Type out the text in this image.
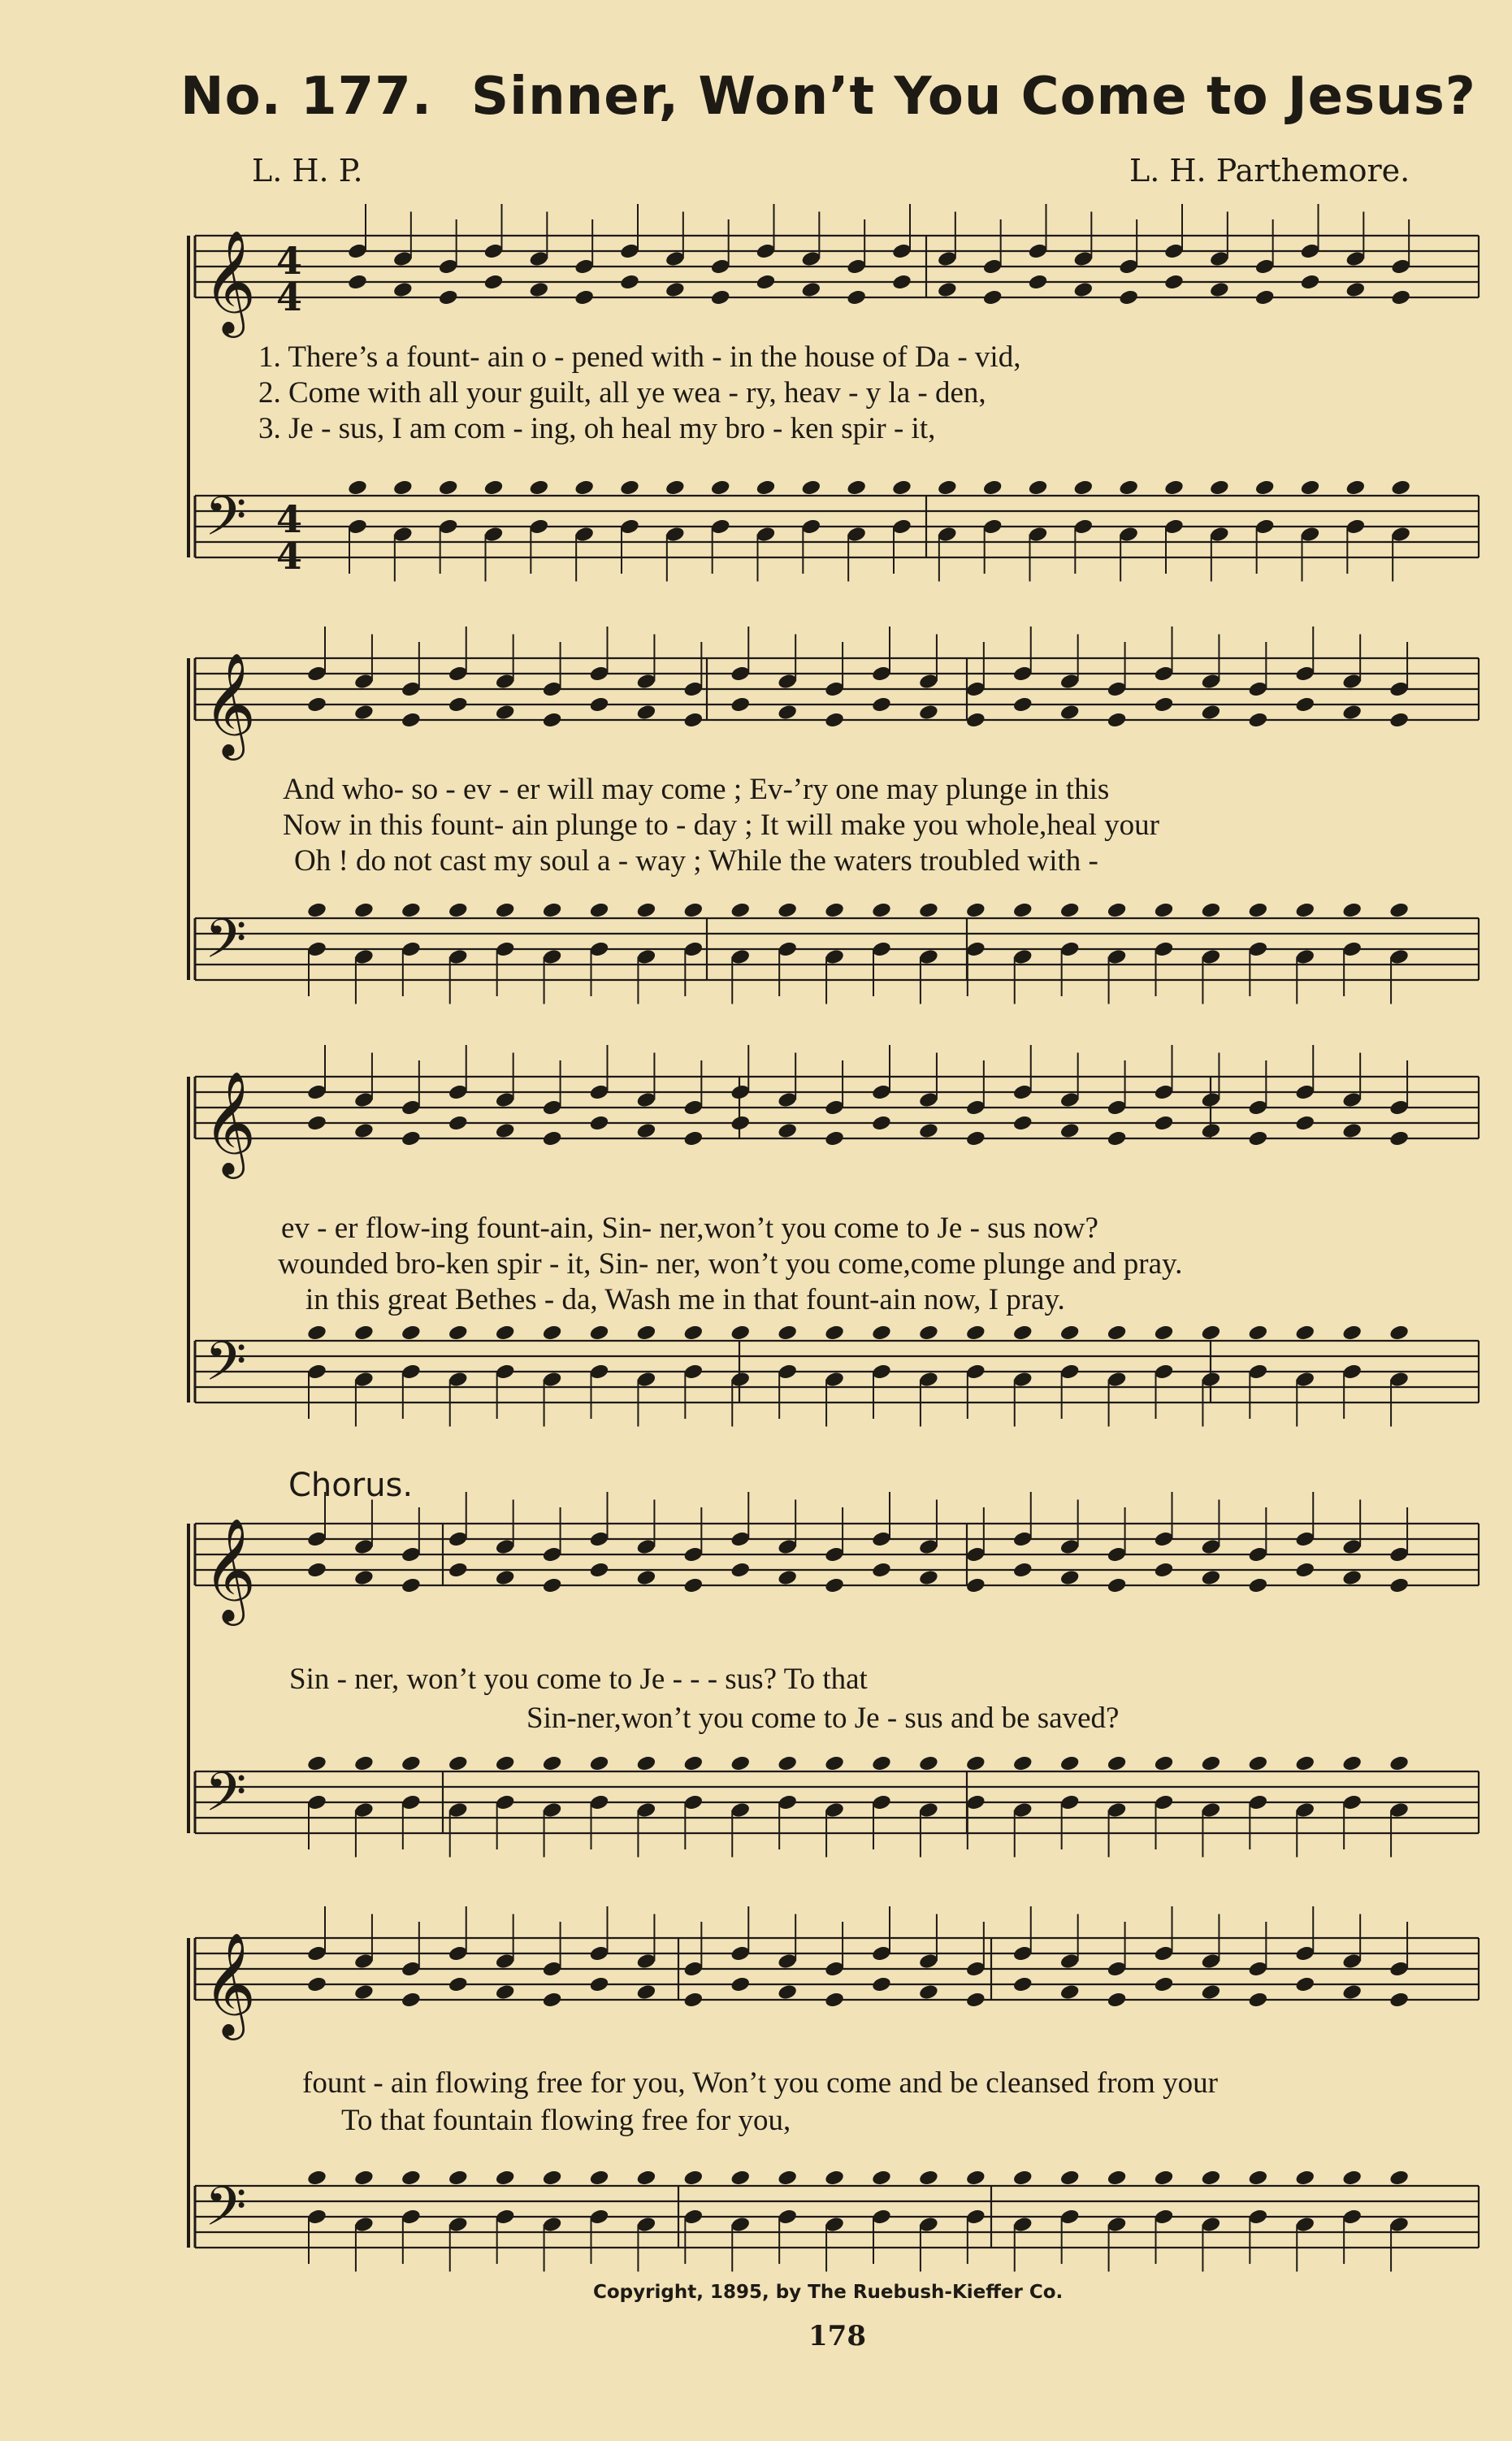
No. 177. Sinner, Won’t You Come to Jesus?
L. H. P.	L. H. Parthemore.
𝄞
𝄢
𝄞
𝄢
𝄞
𝄢
𝄞
𝄢
𝄞
𝄢
4
4
4
4
1. There’s a fount- ain o - pened with - in the house of Da - vid,
2. Come with all your guilt, all ye wea - ry, heav - y la - den,
3. Je - sus, I am com - ing, oh heal my bro - ken spir - it,
And who- so - ev - er will may come ; Ev-’ry one may plunge in this
Now in this fount- ain plunge to - day ; It will make you whole,heal your
Oh ! do not cast my soul a - way ; While the waters troubled with -
ev - er flow-ing fount-ain, Sin- ner,won’t you come to Je - sus now?
wounded bro-ken spir - it, Sin- ner, won’t you come,come plunge and pray.
in this great Bethes - da, Wash me in that fount-ain now, I pray.
Chorus.
Sin - ner, won’t you come to Je - - - sus? To that
Sin-ner,won’t you come to Je - sus and be saved?
fount - ain flowing free for you, Won’t you come and be cleansed from your
To that fountain flowing free for you,
Copyright, 1895, by The Ruebush-Kieffer Co.
178
